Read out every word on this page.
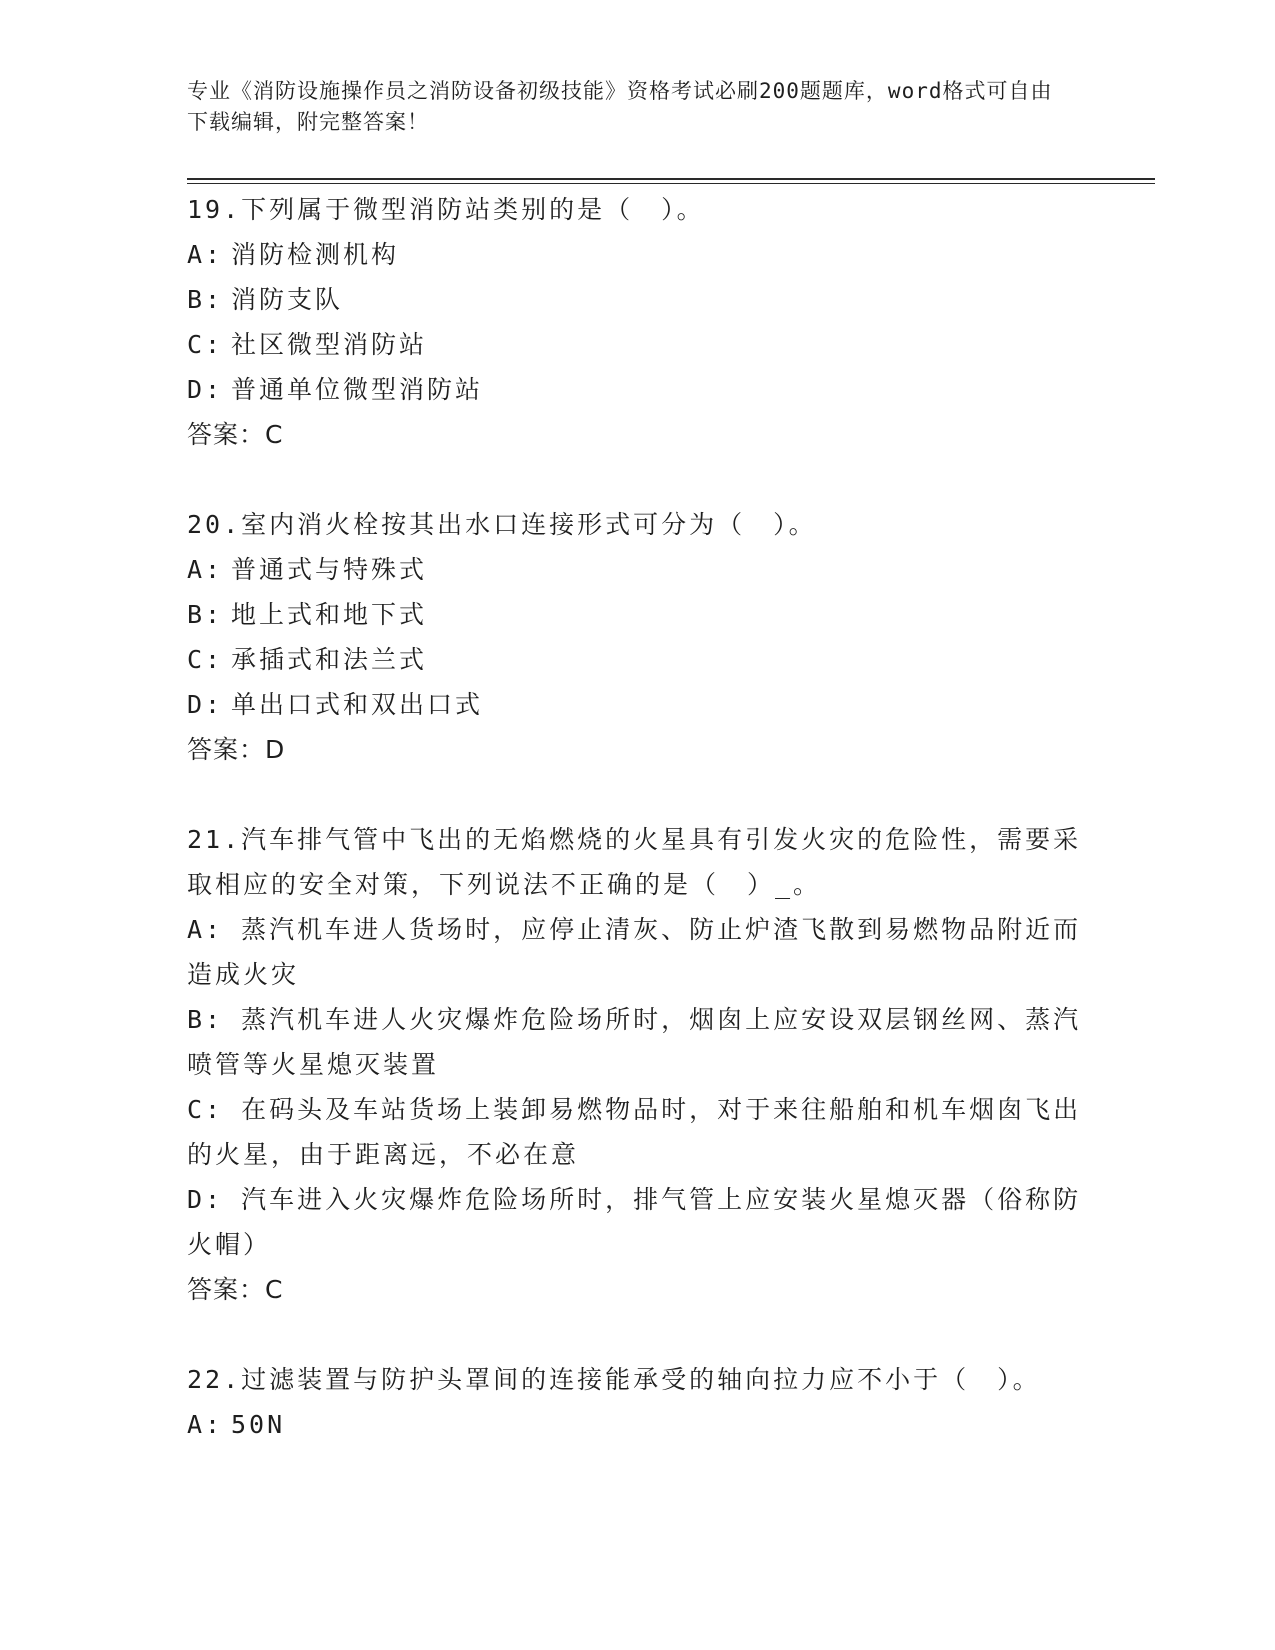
专业《消防设施操作员之消防设备初级技能》资格考试必刷200题题库，word格式可自由下载编辑，附完整答案！
19.下列属于微型消防站类别的是（　）。
A: 消防检测机构
B: 消防支队
C: 社区微型消防站
D: 普通单位微型消防站
答案：C
20.室内消火栓按其出水口连接形式可分为（　）。
A: 普通式与特殊式
B: 地上式和地下式
C: 承插式和法兰式
D: 单出口式和双出口式
答案：D
21.汽车排气管中飞出的无焰燃烧的火星具有引发火灾的危险性，需要采取相应的安全对策，下列说法不正确的是（　）_。
A: 蒸汽机车进人货场时，应停止清灰、防止炉渣飞散到易燃物品附近而造成火灾
B: 蒸汽机车进人火灾爆炸危险场所时，烟囱上应安设双层钢丝网、蒸汽喷管等火星熄灭装置
C: 在码头及车站货场上装卸易燃物品时，对于来往船舶和机车烟囱飞出的火星，由于距离远，不必在意
D: 汽车进入火灾爆炸危险场所时，排气管上应安装火星熄灭器（俗称防火帽）
答案：C
22.过滤装置与防护头罩间的连接能承受的轴向拉力应不小于（　）。
A: 50N
